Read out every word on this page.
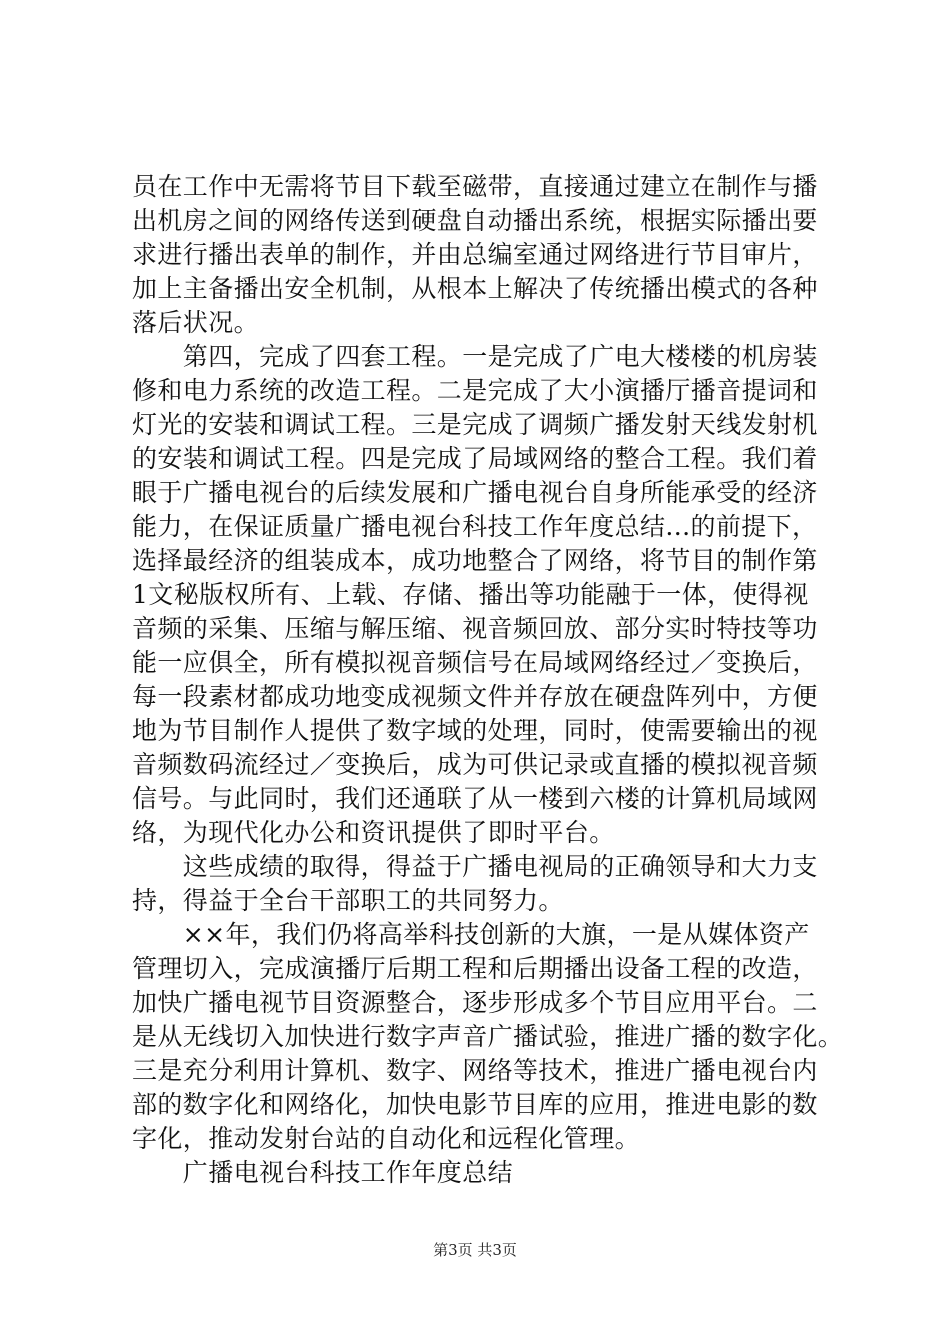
员在工作中无需将节目下载至磁带，直接通过建立在制作与播
出机房之间的网络传送到硬盘自动播出系统，根据实际播出要
求进行播出表单的制作，并由总编室通过网络进行节目审片，
加上主备播出安全机制，从根本上解决了传统播出模式的各种
落后状况。
　　第四，完成了四套工程。一是完成了广电大楼楼的机房装
修和电力系统的改造工程。二是完成了大小演播厅播音提词和
灯光的安装和调试工程。三是完成了调频广播发射天线发射机
的安装和调试工程。四是完成了局域网络的整合工程。我们着
眼于广播电视台的后续发展和广播电视台自身所能承受的经济
能力，在保证质量广播电视台科技工作年度总结...的前提下，
选择最经济的组装成本，成功地整合了网络，将节目的制作第
1文秘版权所有、上载、存储、播出等功能融于一体，使得视
音频的采集、压缩与解压缩、视音频回放、部分实时特技等功
能一应俱全，所有模拟视音频信号在局域网络经过／变换后，
每一段素材都成功地变成视频文件并存放在硬盘阵列中，方便
地为节目制作人提供了数字域的处理，同时，使需要输出的视
音频数码流经过／变换后，成为可供记录或直播的模拟视音频
信号。与此同时，我们还通联了从一楼到六楼的计算机局域网
络，为现代化办公和资讯提供了即时平台。
　　这些成绩的取得，得益于广播电视局的正确领导和大力支
持，得益于全台干部职工的共同努力。
　　××年，我们仍将高举科技创新的大旗，一是从媒体资产
管理切入，完成演播厅后期工程和后期播出设备工程的改造，
加快广播电视节目资源整合，逐步形成多个节目应用平台。二
是从无线切入加快进行数字声音广播试验，推进广播的数字化。
三是充分利用计算机、数字、网络等技术，推进广播电视台内
部的数字化和网络化，加快电影节目库的应用，推进电影的数
字化，推动发射台站的自动化和远程化管理。
　　广播电视台科技工作年度总结
第3页 共3页
